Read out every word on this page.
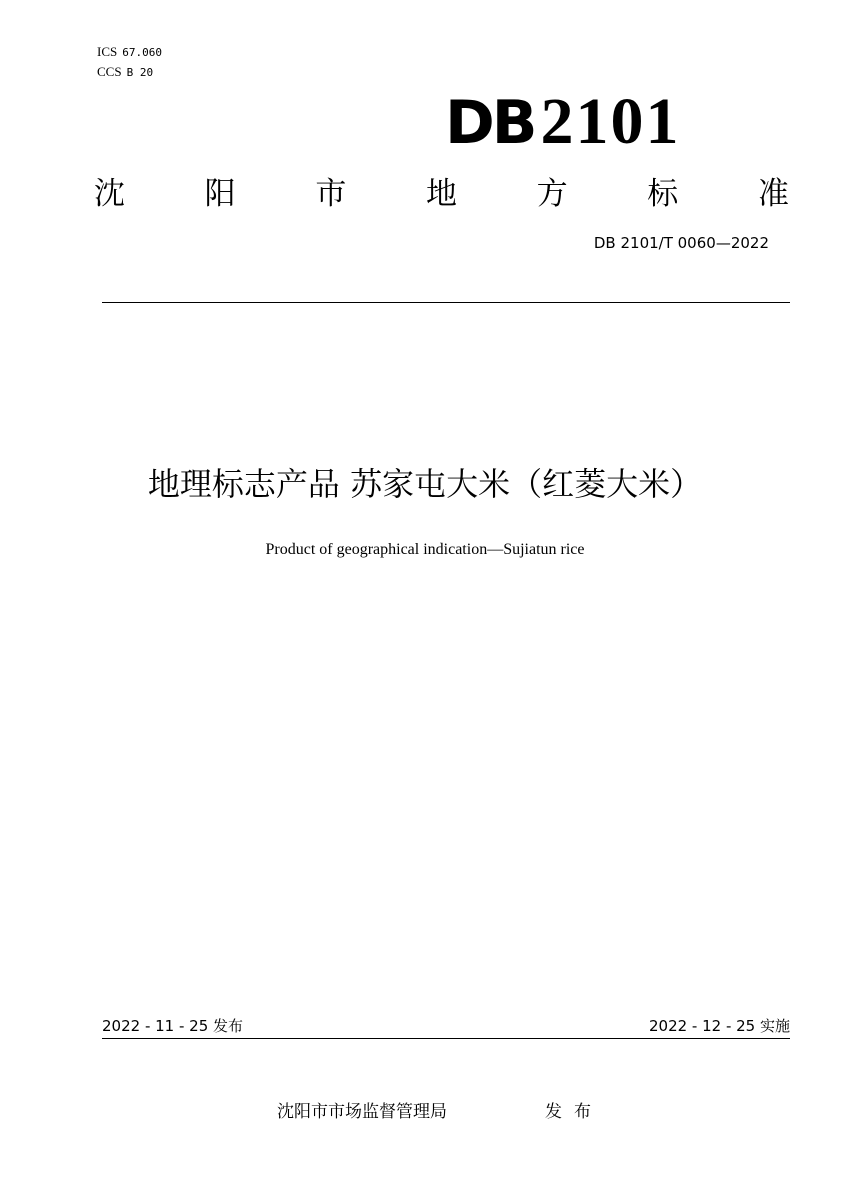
ICS 67.060
CCS B 20
DB2101
沈	阳	市	地	方	标	准
DB 2101/T 0060—2022
地理标志产品 苏家屯大米（红菱大米）
Product of geographical indication—Sujiatun rice
2022 - 11 - 25 发布	2022 - 12 - 25 实施
沈阳市市场监督管理局	发布
